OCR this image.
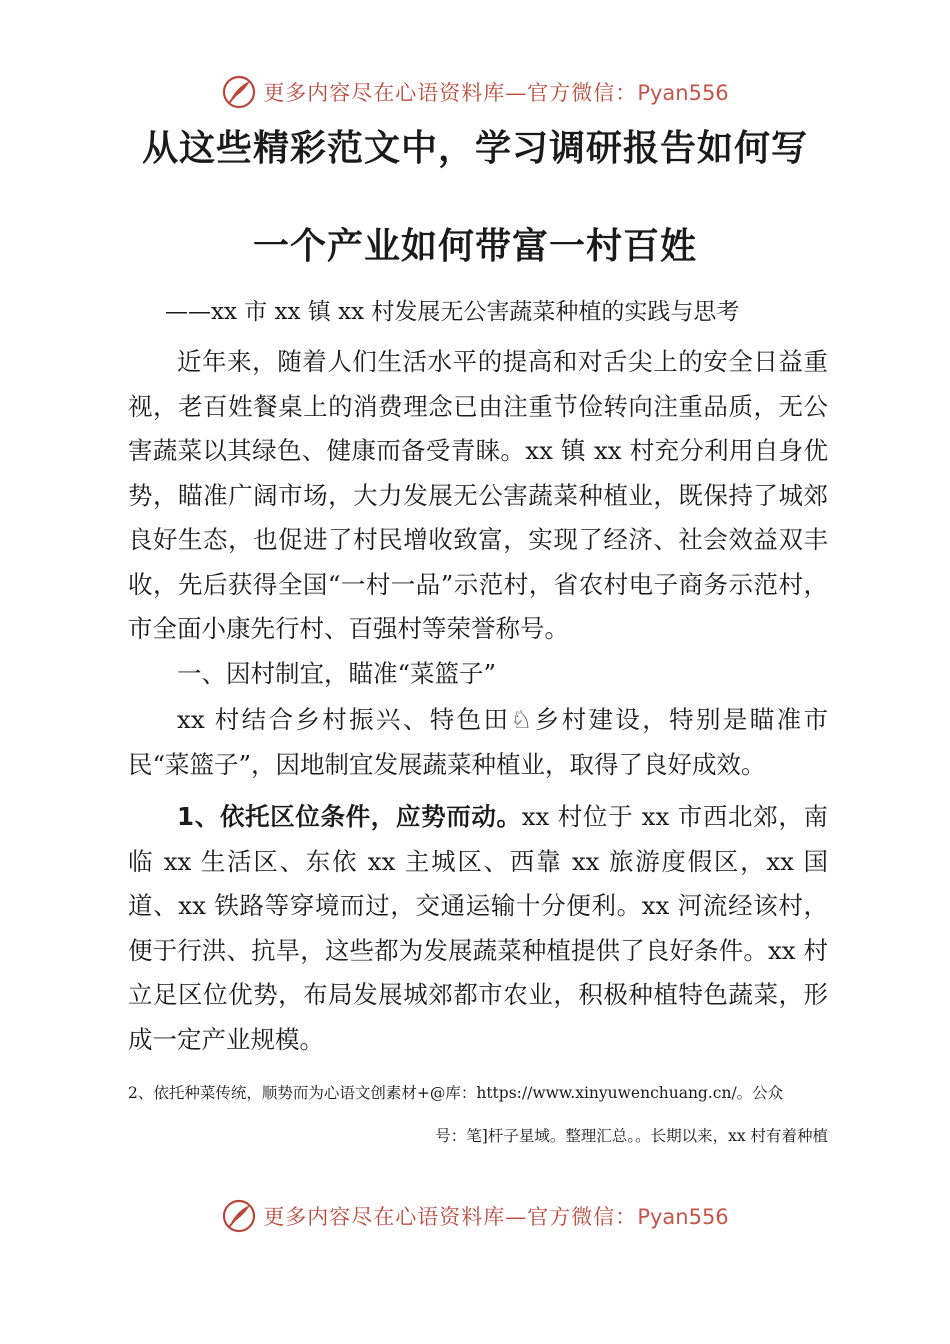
更多内容尽在心语资料库—官方微信：Pyan556
从这些精彩范文中，学习调研报告如何写
一个产业如何带富一村百姓

——xx 市 xx 镇 xx 村发展无公害蔬菜种植的实践与思考

近年来，随着人们生活水平的提高和对舌尖上的安全日益重视，老百姓餐桌上的消费理念已由注重节俭转向注重品质，无公害蔬菜以其绿色、健康而备受青睐。xx 镇 xx 村充分利用自身优势，瞄准广阔市场，大力发展无公害蔬菜种植业，既保持了城郊良好生态，也促进了村民增收致富，实现了经济、社会效益双丰收，先后获得全国“一村一品”示范村，省农村电子商务示范村，市全面小康先行村、百强村等荣誉称号。

一、因村制宜，瞄准“菜篮子”

xx 村结合乡村振兴、特色田♘乡村建设，特别是瞄准市民“菜篮子”，因地制宜发展蔬菜种植业，取得了良好成效。

1、依托区位条件，应势而动。xx 村位于 xx 市西北郊，南临 xx 生活区、东依 xx 主城区、西靠 xx 旅游度假区，xx 国道、xx 铁路等穿境而过，交通运输十分便利。xx 河流经该村，便于行洪、抗旱，这些都为发展蔬菜种植提供了良好条件。xx 村立足区位优势，布局发展城郊都市农业，积极种植特色蔬菜，形成一定产业规模。

2、依托种菜传统，顺势而为心语文创素材+@库：https://www.xinyuwenchuang.cn/。公众
号：笔]杆子星域。整理汇总。。长期以来，xx 村有着种植
更多内容尽在心语资料库—官方微信：Pyan556
